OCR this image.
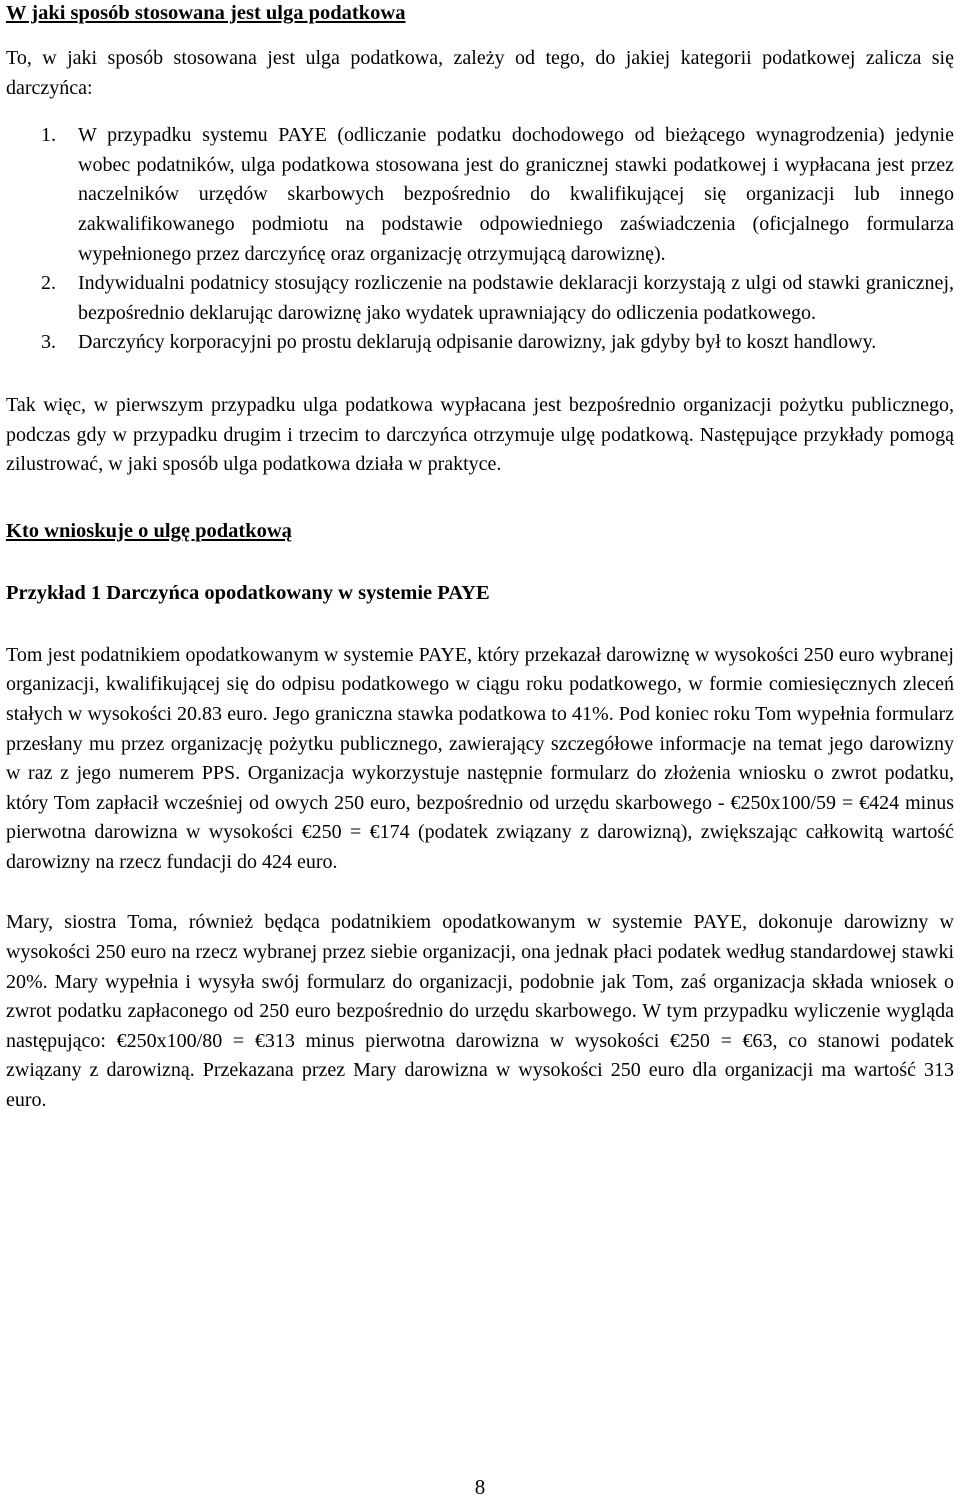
W jaki sposób stosowana jest ulga podatkowa

To, w jaki sposób stosowana jest ulga podatkowa, zależy od tego, do jakiej kategorii podatkowej zalicza się darczyńca:

1. W przypadku systemu PAYE (odliczanie podatku dochodowego od bieżącego wynagrodzenia) jedynie wobec podatników, ulga podatkowa stosowana jest do granicznej stawki podatkowej i wypłacana jest przez naczelników urzędów skarbowych bezpośrednio do kwalifikującej się organizacji lub innego zakwalifikowanego podmiotu na podstawie odpowiedniego zaświadczenia (oficjalnego formularza wypełnionego przez darczyńcę oraz organizację otrzymującą darowiznę).
2. Indywidualni podatnicy stosujący rozliczenie na podstawie deklaracji korzystają z ulgi od stawki granicznej, bezpośrednio deklarując darowiznę jako wydatek uprawniający do odliczenia podatkowego.
3. Darczyńcy korporacyjni po prostu deklarują odpisanie darowizny, jak gdyby był to koszt handlowy.

Tak więc, w pierwszym przypadku ulga podatkowa wypłacana jest bezpośrednio organizacji pożytku publicznego, podczas gdy w przypadku drugim i trzecim to darczyńca otrzymuje ulgę podatkową. Następujące przykłady pomogą zilustrować, w jaki sposób ulga podatkowa działa w praktyce.

Kto wnioskuje o ulgę podatkową
Przykład 1 Darczyńca opodatkowany w systemie PAYE

Tom jest podatnikiem opodatkowanym w systemie PAYE, który przekazał darowiznę w wysokości 250 euro wybranej organizacji, kwalifikującej się do odpisu podatkowego w ciągu roku podatkowego, w formie comiesięcznych zleceń stałych w wysokości 20.83 euro. Jego graniczna stawka podatkowa to 41%. Pod koniec roku Tom wypełnia formularz przesłany mu przez organizację pożytku publicznego, zawierający szczegółowe informacje na temat jego darowizny w raz z jego numerem PPS. Organizacja wykorzystuje następnie formularz do złożenia wniosku o zwrot podatku, który Tom zapłacił wcześniej od owych 250 euro, bezpośrednio od urzędu skarbowego - €250x100/59 = €424 minus pierwotna darowizna w wysokości €250 = €174 (podatek związany z darowizną), zwiększając całkowitą wartość darowizny na rzecz fundacji do 424 euro.

Mary, siostra Toma, również będąca podatnikiem opodatkowanym w systemie PAYE, dokonuje darowizny w wysokości 250 euro na rzecz wybranej przez siebie organizacji, ona jednak płaci podatek według standardowej stawki 20%. Mary wypełnia i wysyła swój formularz do organizacji, podobnie jak Tom, zaś organizacja składa wniosek o zwrot podatku zapłaconego od 250 euro bezpośrednio do urzędu skarbowego. W tym przypadku wyliczenie wygląda następująco: €250x100/80 = €313 minus pierwotna darowizna w wysokości €250 = €63, co stanowi podatek związany z darowizną. Przekazana przez Mary darowizna w wysokości 250 euro dla organizacji ma wartość 313 euro.

8
